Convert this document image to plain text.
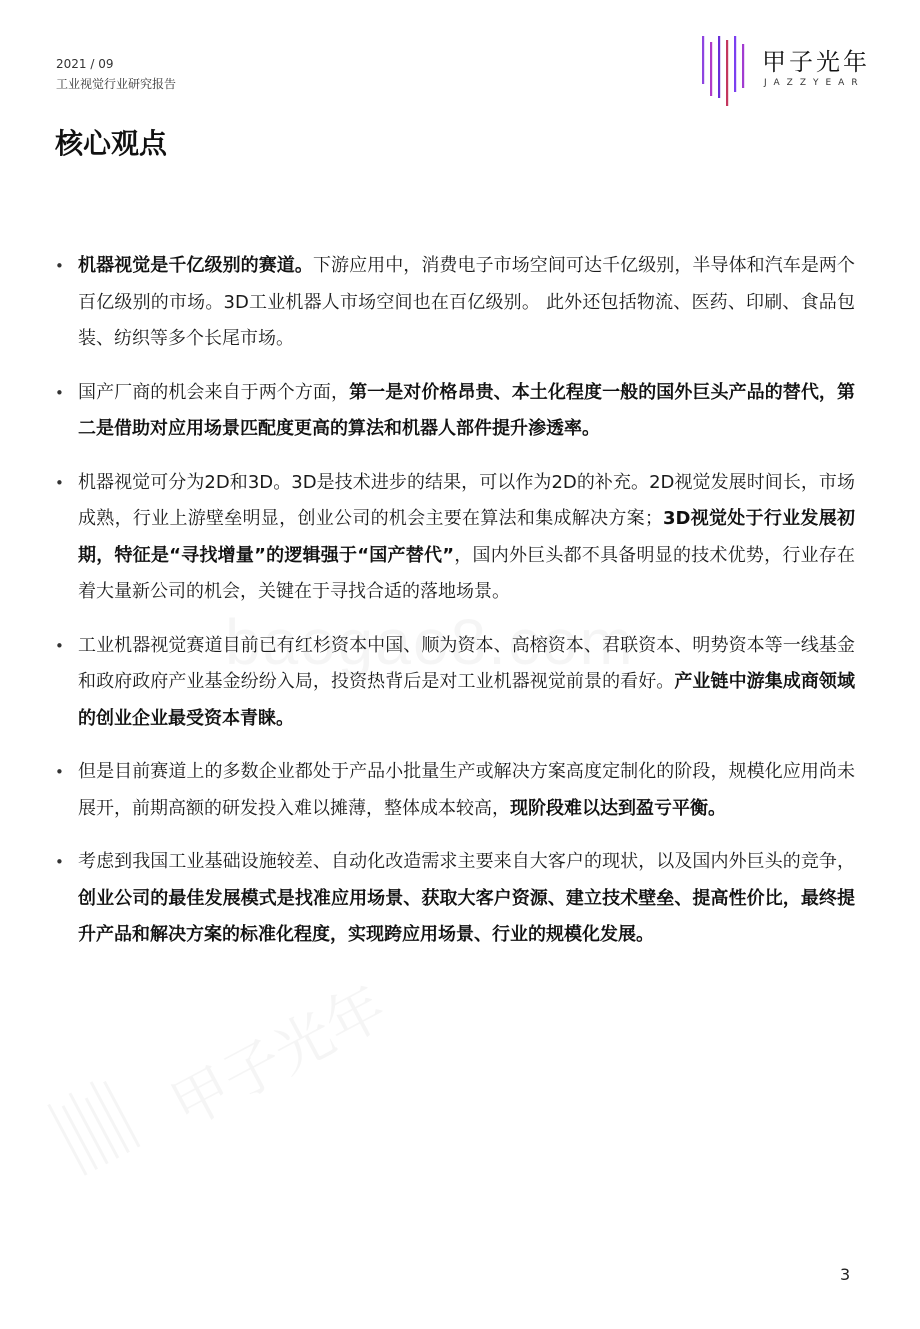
2021 / 09
工业视觉行业研究报告
甲子光年
JAZZYEAR
核心观点
• 机器视觉是千亿级别的赛道。下游应用中，消费电子市场空间可达千亿级别，半导体和汽车是两个百亿级别的市场。3D工业机器人市场空间也在百亿级别。 此外还包括物流、医药、印刷、食品包装、纺织等多个长尾市场。
• 国产厂商的机会来自于两个方面，第一是对价格昂贵、本土化程度一般的国外巨头产品的替代，第二是借助对应用场景匹配度更高的算法和机器人部件提升渗透率。
• 机器视觉可分为2D和3D。3D是技术进步的结果，可以作为2D的补充。2D视觉发展时间长，市场成熟，行业上游壁垒明显，创业公司的机会主要在算法和集成解决方案；3D视觉处于行业发展初期，特征是“寻找增量”的逻辑强于“国产替代”，国内外巨头都不具备明显的技术优势，行业存在着大量新公司的机会，关键在于寻找合适的落地场景。
• 工业机器视觉赛道目前已有红杉资本中国、顺为资本、高榕资本、君联资本、明势资本等一线基金和政府政府产业基金纷纷入局，投资热背后是对工业机器视觉前景的看好。产业链中游集成商领域的创业企业最受资本青睐。
• 但是目前赛道上的多数企业都处于产品小批量生产或解决方案高度定制化的阶段，规模化应用尚未展开，前期高额的研发投入难以摊薄，整体成本较高，现阶段难以达到盈亏平衡。
• 考虑到我国工业基础设施较差、自动化改造需求主要来自大客户的现状，以及国内外巨头的竞争，创业公司的最佳发展模式是找准应用场景、获取大客户资源、建立技术壁垒、提高性价比，最终提升产品和解决方案的标准化程度，实现跨应用场景、行业的规模化发展。
3
